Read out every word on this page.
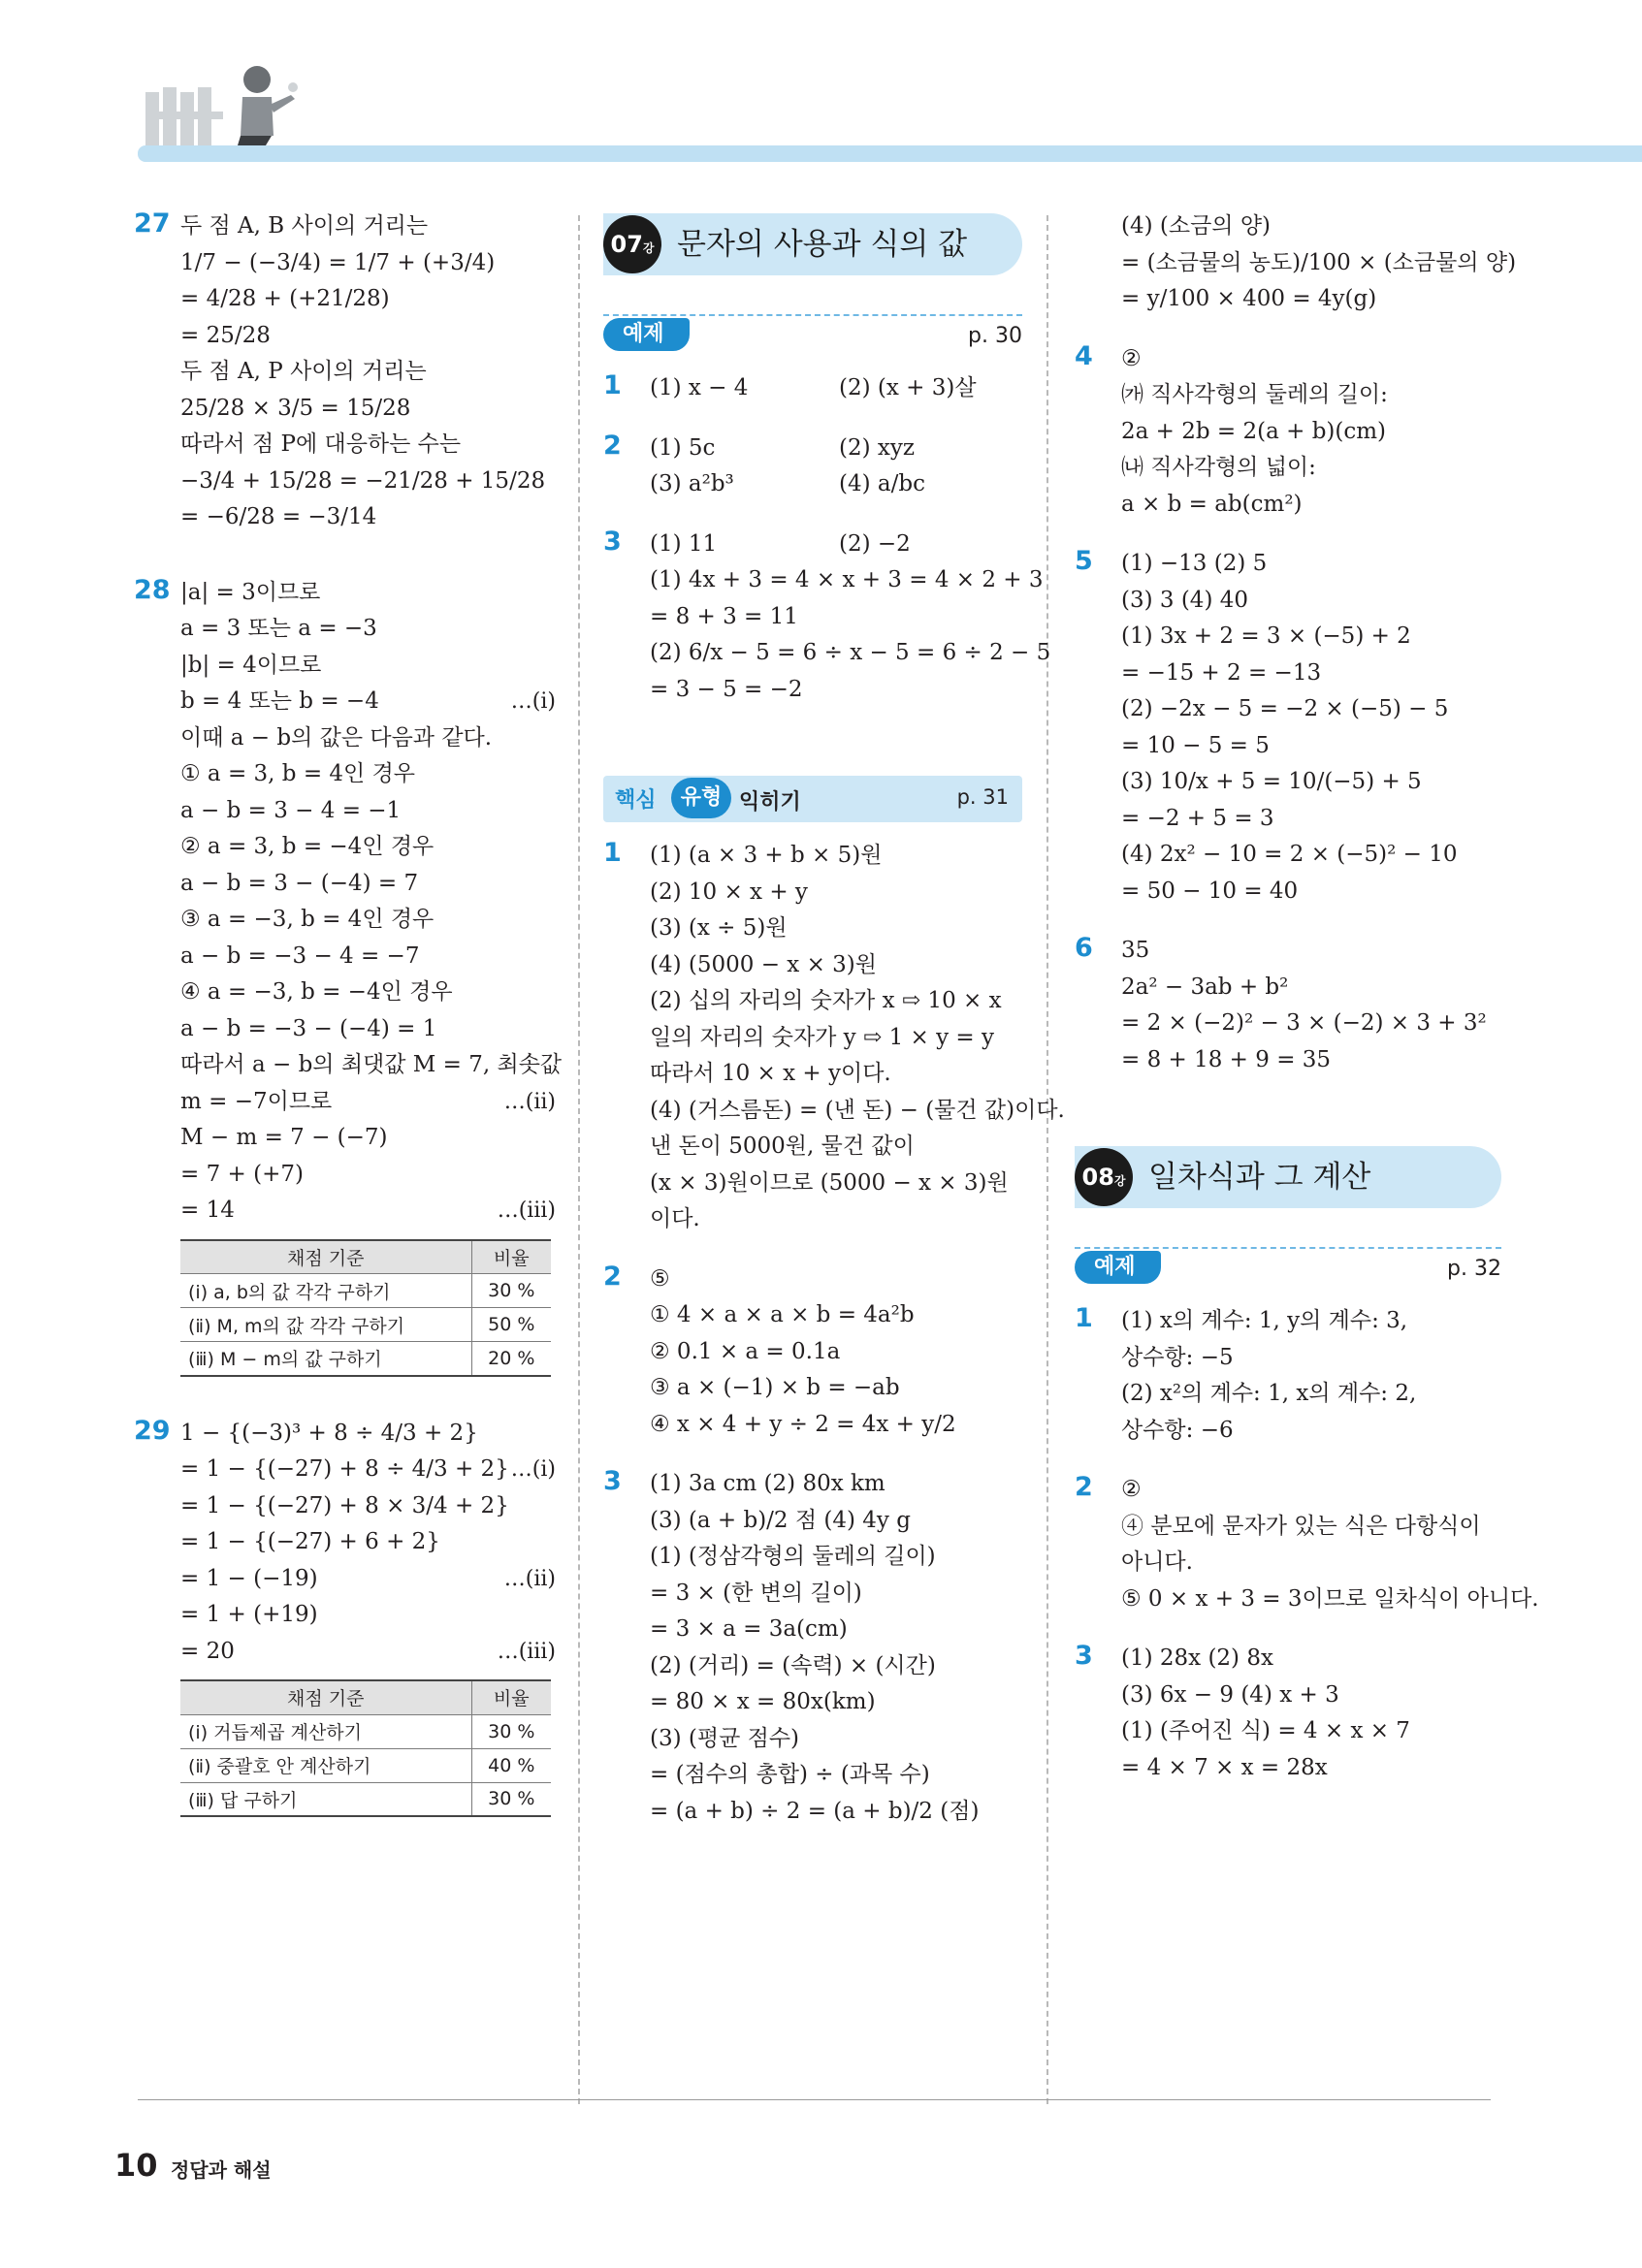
27 두 점 A, B 사이의 거리는
1/7 − (−3/4) = 1/7 + (+3/4)
= 4/28 + (+21/28)
= 25/28
두 점 A, P 사이의 거리는
25/28 × 3/5 = 15/28
따라서 점 P에 대응하는 수는
−3/4 + 15/28 = −21/28 + 15/28
= −6/28 = −3/14
28 |a| = 3이므로
a = 3 또는 a = −3
|b| = 4이므로
b = 4 또는 b = −4	…(ⅰ)
이때 a − b의 값은 다음과 같다.
① a = 3, b = 4인 경우
a − b = 3 − 4 = −1
② a = 3, b = −4인 경우
a − b = 3 − (−4) = 7
③ a = −3, b = 4인 경우
a − b = −3 − 4 = −7
④ a = −3, b = −4인 경우
a − b = −3 − (−4) = 1
따라서 a − b의 최댓값 M = 7, 최솟값
m = −7이므로	…(ⅱ)
M − m = 7 − (−7)
= 7 + (+7)
= 14	…(ⅲ)
채점 기준	비율
(ⅰ) a, b의 값 각각 구하기	30 %
(ⅱ) M, m의 값 각각 구하기	50 %
(ⅲ) M − m의 값 구하기	20 %
29 1 − {(−3)³ + 8 ÷ 4/3 + 2}
= 1 − {(−27) + 8 ÷ 4/3 + 2} …(ⅰ)
= 1 − {(−27) + 8 × 3/4 + 2}
= 1 − {(−27) + 6 + 2}
= 1 − (−19)	…(ⅱ)
= 1 + (+19)
= 20	…(ⅲ)
채점 기준	비율
(ⅰ) 거듭제곱 계산하기	30 %
(ⅱ) 중괄호 안 계산하기	40 %
(ⅲ) 답 구하기	30 %
07강 문자의 사용과 식의 값
예제	p. 30
1 (1) x − 4	(2) (x + 3)살
2 (1) 5c	(2) xyz
(3) a²b³	(4) a/bc
3 (1) 11	(2) −2
(1) 4x + 3 = 4 × x + 3 = 4 × 2 + 3
= 8 + 3 = 11
(2) 6/x − 5 = 6 ÷ x − 5 = 6 ÷ 2 − 5
= 3 − 5 = −2
핵심	유형 익히기	p. 31
1 (1) (a × 3 + b × 5)원
(2) 10 × x + y
(3) (x ÷ 5)원
(4) (5000 − x × 3)원
(2) 십의 자리의 숫자가 x ⇨ 10 × x
일의 자리의 숫자가 y ⇨ 1 × y = y
따라서 10 × x + y이다.
(4) (거스름돈) = (낸 돈) − (물건 값)이다.
낸 돈이 5000원, 물건 값이
(x × 3)원이므로 (5000 − x × 3)원
이다.
2 ⑤
① 4 × a × a × b = 4a²b
② 0.1 × a = 0.1a
③ a × (−1) × b = −ab
④ x × 4 + y ÷ 2 = 4x + y/2
3 (1) 3a cm (2) 80x km
(3) (a + b)/2 점 (4) 4y g
(1) (정삼각형의 둘레의 길이)
= 3 × (한 변의 길이)
= 3 × a = 3a(cm)
(2) (거리) = (속력) × (시간)
= 80 × x = 80x(km)
(3) (평균 점수)
= (점수의 총합) ÷ (과목 수)
= (a + b) ÷ 2 = (a + b)/2 (점)
(4) (소금의 양)
= (소금물의 농도)/100 × (소금물의 양)
= y/100 × 400 = 4y(g)
4 ②
㈎ 직사각형의 둘레의 길이:
2a + 2b = 2(a + b)(cm)
㈏ 직사각형의 넓이:
a × b = ab(cm²)
5 (1) −13 (2) 5
(3) 3 (4) 40
(1) 3x + 2 = 3 × (−5) + 2
= −15 + 2 = −13
(2) −2x − 5 = −2 × (−5) − 5
= 10 − 5 = 5
(3) 10/x + 5 = 10/(−5) + 5
= −2 + 5 = 3
(4) 2x² − 10 = 2 × (−5)² − 10
= 50 − 10 = 40
6 35
2a² − 3ab + b²
= 2 × (−2)² − 3 × (−2) × 3 + 3²
= 8 + 18 + 9 = 35
08강 일차식과 그 계산
예제	p. 32
1 (1) x의 계수: 1, y의 계수: 3,
상수항: −5
(2) x²의 계수: 1, x의 계수: 2,
상수항: −6
2 ②
④ 분모에 문자가 있는 식은 다항식이
아니다.
⑤ 0 × x + 3 = 3이므로 일차식이 아니다.
3 (1) 28x (2) 8x
(3) 6x − 9 (4) x + 3
(1) (주어진 식) = 4 × x × 7
= 4 × 7 × x = 28x
10 정답과 해설
